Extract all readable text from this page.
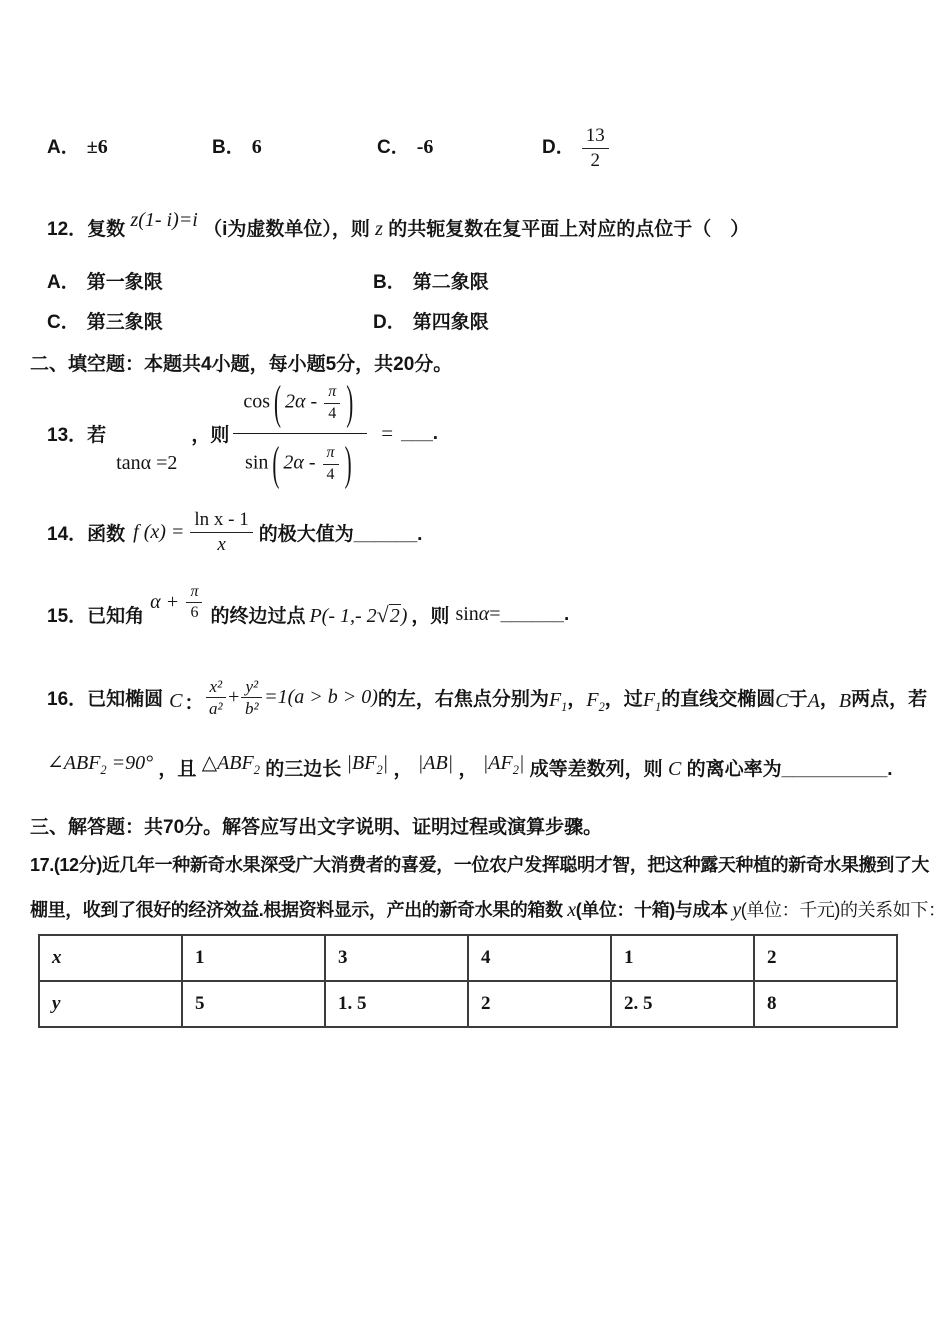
A． ±6	B． 6	C． -6	D． $\frac{13}{2}$
12．复数 z(1- i)=i （i为虚数单位），则 z 的共轭复数在复平面上对应的点位于（　）
A． 第一象限	B． 第二象限
C． 第三象限	D． 第四象限
二、填空题：本题共4小题，每小题5分，共20分。
13． 若
tanα =2
，则 $\frac{\cos ( 2\alpha - \frac{\pi}{4} )}{\sin ( 2\alpha - \frac{\pi}{4} )}$ = ___.
14． 函数 f $(x) = \frac{\text{ln x - 1}}{x}$ 的极大值为______.
15． 已知角
$\alpha + \frac{\pi}{6}$ 的终边过点 P(- 1,- 2√2) ，则 sin α = ______.
16． 已知椭圆 C ： $\frac{\text{x²}}{\text{a²}} + \frac{\text{y²}}{\text{b²}} =1(a > b > 0)$ 的左，右焦点分别为 $F_1$ ， $F_2$ ，过 $F_1$ 的直线交椭圆 C 于 A ， B 两点，若
$\angle ABF_2 =90^\circ$ ，且 $\triangle ABF_2$ 的三边长 $|BF_2|$ ， |AB| ， $|AF_2|$ 成等差数列，则 C 的离心率为__________.
三、解答题：共70分。解答应写出文字说明、证明过程或演算步骤。
17.(12分)近几年一种新奇水果深受广大消费者的喜爱，一位农户发挥聪明才智，把这种露天种植的新奇水果搬到了大
棚里，收到了很好的经济效益.根据资料显示，产出的新奇水果的箱数 x(单位：十箱)与成本 y(单位：千元)的关系如下：
x	1	3	4	1	2
y	5	1. 5	2	2. 5	8
